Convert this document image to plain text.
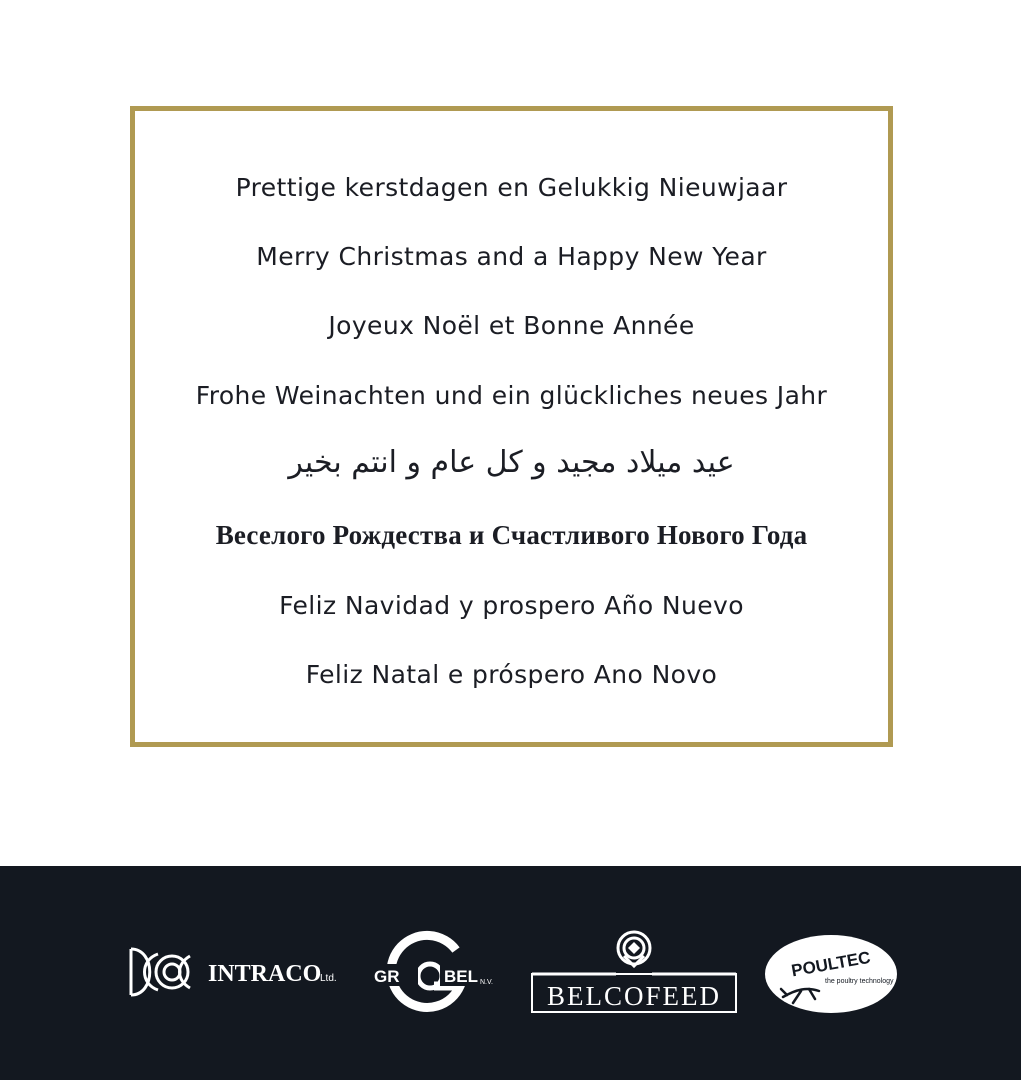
Prettige kerstdagen en Gelukkig Nieuwjaar
Merry Christmas and a Happy New Year
Joyeux Noël et Bonne Année
Frohe Weinachten und ein glückliches neues Jahr
عيد ميلاد مجيد و كل عام و انتم بخير
Веселого Рождества и Счастливого Нового Года
Feliz Navidad y prospero Año Nuevo
Feliz Natal e próspero Ano Novo
INTRACO
Ltd. GR	BEL N.V. BELCOFEED
POULTEC
the poultry technology
